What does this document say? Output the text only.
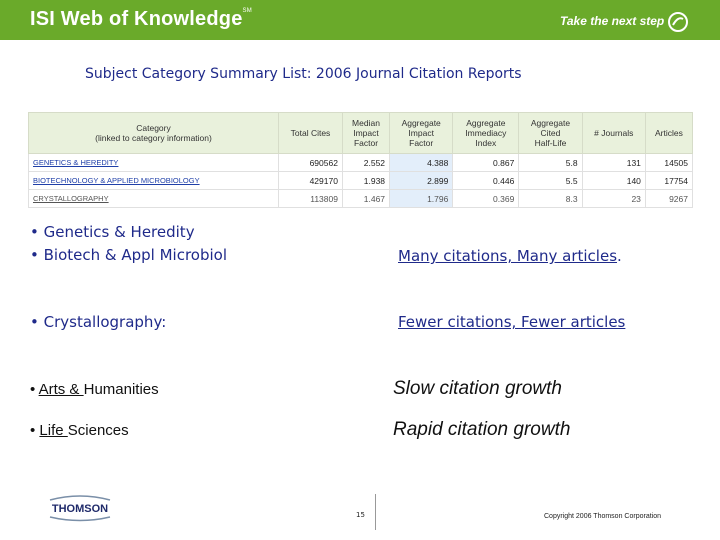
ISI Web of Knowledge℠
Take the next step
Subject Category Summary List: 2006 Journal Citation Reports
Category
(linked to category information)	Total Cites	Median
Impact
Factor	Aggregate
Impact
Factor	Aggregate
Immediacy
Index	Aggregate
Cited
Half-Life	# Journals	Articles
GENETICS & HEREDITY	690562	2.552	4.388	0.867	5.8	131	14505
BIOTECHNOLOGY & APPLIED MICROBIOLOGY	429170	1.938	2.899	0.446	5.5	140	17754
CRYSTALLOGRAPHY	113809	1.467	1.796	0.369	8.3	23	9267
• Genetics & Heredity
• Biotech & Appl Microbiol	Many citations, Many articles.
• Crystallography:	Fewer citations, Fewer articles
• Arts & Humanities	Slow citation growth
• Life Sciences	Rapid citation growth
THOMSON	15	Copyright 2006 Thomson Corporation
